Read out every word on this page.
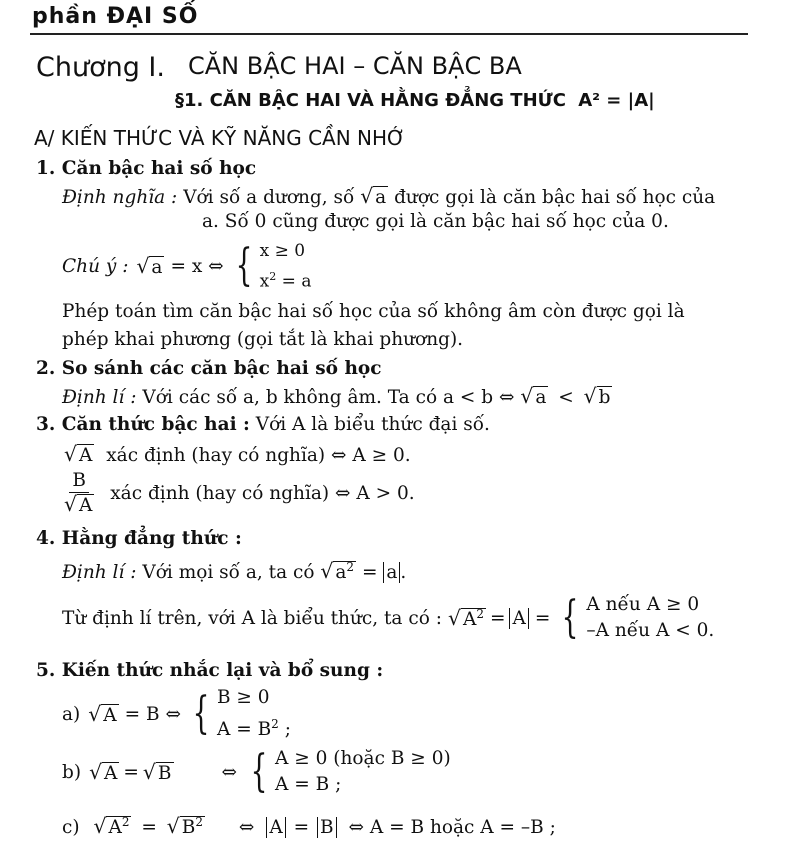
phần ĐẠI SỐ
Chương I. CĂN BẬC HAI – CĂN BẬC BA
§1. CĂN BẬC HAI VÀ HẰNG ĐẲNG THỨC A² = |A|
A/ KIẾN THỨC VÀ KỸ NĂNG CẦN NHỚ
1. Căn bậc hai số học
Định nghĩa : Với số a dương, số √ a được gọi là căn bậc hai số học của
a. Số 0 cũng được gọi là căn bậc hai số học của 0.
Chú ý : √ a = x ⇔ { x ≥ 0
$x^2 = a$
Phép toán tìm căn bậc hai số học của số không âm còn được gọi là
phép khai phương (gọi tắt là khai phương).
2. So sánh các căn bậc hai số học
Định lí : Với các số a, b không âm. Ta có a < b ⇔ √ a < √ b
3. Căn thức bậc hai : Với A là biểu thức đại số.
√ A xác định (hay có nghĩa) ⇔ A ≥ 0.
$\frac{B}{√ A}$ xác định (hay có nghĩa) ⇔ A > 0.
4. Hằng đẳng thức :
Định lí : Với mọi số a, ta có √ $a^2 = a$ .
Từ định lí trên, với A là biểu thức, ta có : √ $A^2 = A$ = { A nếu A ≥ 0
–A nếu A < 0.
5. Kiến thức nhắc lại và bổ sung :
a) √ A = B ⇔ { B ≥ 0
$A = B^2$ ;
b) √ A = √ B	⇔ { A ≥ 0 (hoặc B ≥ 0)
A = B ;
c) √ $A^2$ = √ $B^2$ ⇔ A = B ⇔ A = B hoặc A = –B ;
